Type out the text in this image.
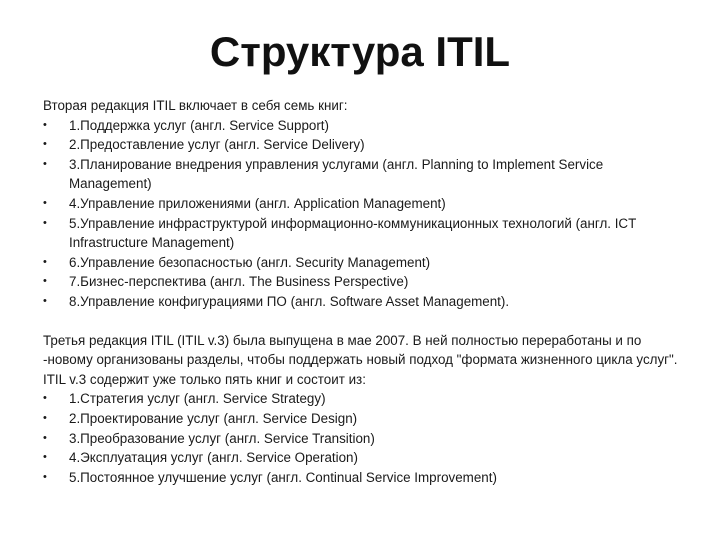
Структура ITIL

Вторая редакция ITIL включает в себя семь книг:

•	1.Поддержка услуг (англ. Service Support)
•	2.Предоставление услуг (англ. Service Delivery)
•	3.Планирование внедрения управления услугами (англ. Planning to Implement Service Management)
•	4.Управление приложениями (англ. Application Management)
•	5.Управление инфраструктурой информационно-коммуникационных технологий (англ. ICT Infrastructure Management)
•	6.Управление безопасностью (англ. Security Management)
•	7.Бизнес-перспектива (англ. The Business Perspective)
•	8.Управление конфигурациями ПО (англ. Software Asset Management).

Третья редакция ITIL (ITIL v.3) была выпущена в мае 2007. В ней полностью переработаны и по -новому организованы разделы, чтобы поддержать новый подход "формата жизненного цикла услуг". ITIL v.3 содержит уже только пять книг и состоит из:

•	1.Стратегия услуг (англ. Service Strategy)
•	2.Проектирование услуг (англ. Service Design)
•	3.Преобразование услуг (англ. Service Transition)
•	4.Эксплуатация услуг (англ. Service Operation)
•	5.Постоянное улучшение услуг (англ. Continual Service Improvement)
